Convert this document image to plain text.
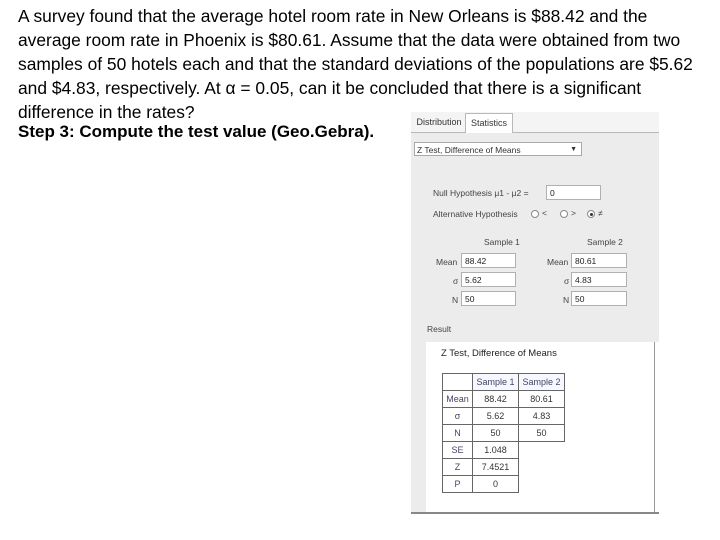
A survey found that the average hotel room rate in New Orleans is $88.42 and the average room rate in Phoenix is $80.61. Assume that the data were obtained from two samples of 50 hotels each and that the standard deviations of the populations are $5.62 and $4.83, respectively. At α = 0.05, can it be concluded that there is a significant difference in the rates?

Step 3: Compute the test value (Geo.Gebra).	Distribution	Statistics
Z Test, Difference of Means	▼
Null Hypothesis μ1 - μ2 =	0
Alternative Hypothesis	<	>	≠
Sample 1	Sample 2
Mean 88.42	Mean 80.61
σ 5.62	σ 4.83
N 50	N 50
Result
Z Test, Difference of Means
	Sample 1	Sample 2
Mean	88.42	80.61
σ	5.62	4.83
N	50	50
SE	1.048	
Z	7.4521	
P	0	
